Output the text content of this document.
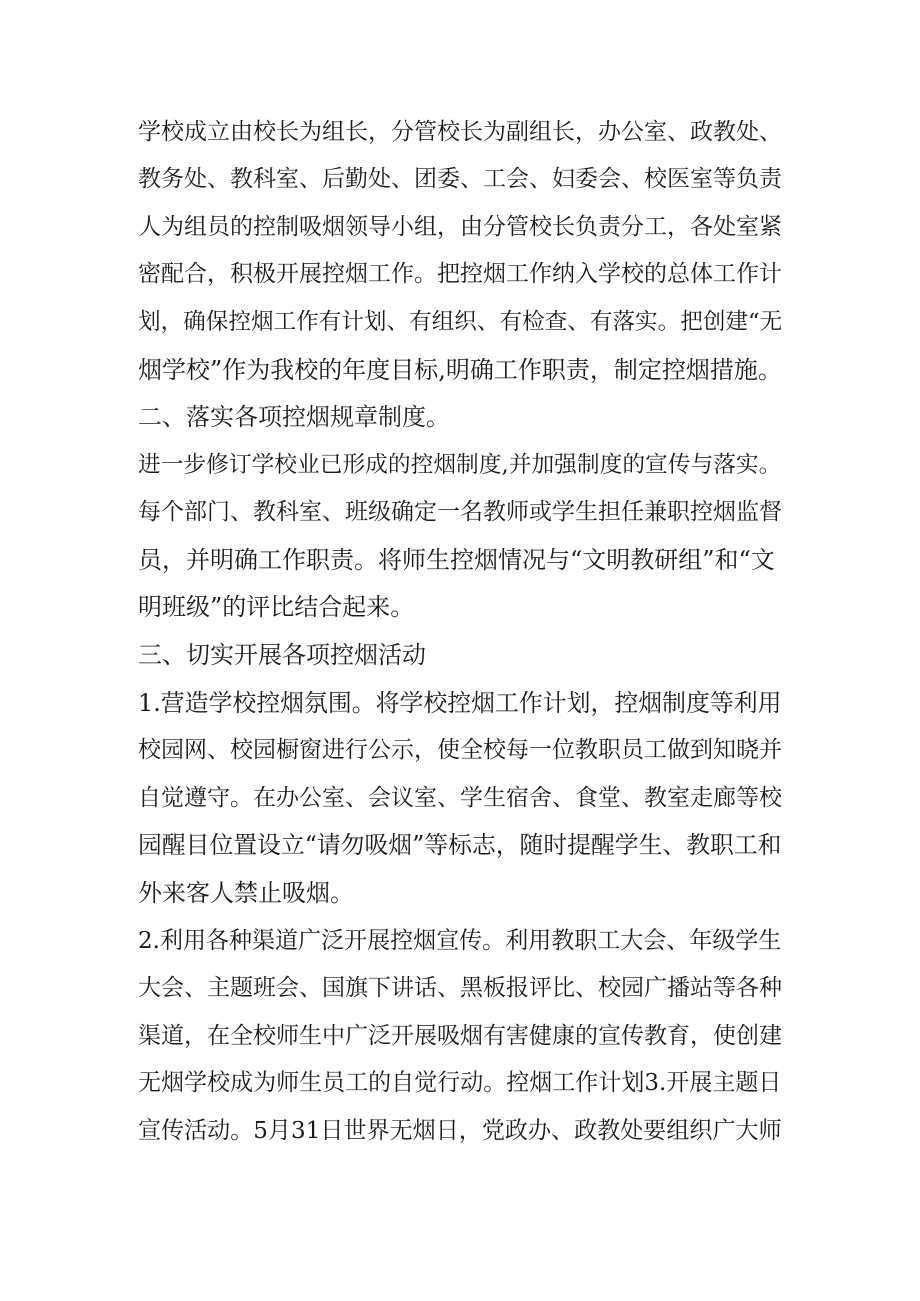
学校成立由校长为组长，分管校长为副组长，办公室、政教处、

教务处、教科室、后勤处、团委、工会、妇委会、校医室等负责

人为组员的控制吸烟领导小组，由分管校长负责分工，各处室紧

密配合，积极开展控烟工作。把控烟工作纳入学校的总体工作计

划，确保控烟工作有计划、有组织、有检查、有落实。把创建“无

烟学校”作为我校的年度目标,明确工作职责，制定控烟措施。

二、落实各项控烟规章制度。

进一步修订学校业已形成的控烟制度,并加强制度的宣传与落实。

每个部门、教科室、班级确定一名教师或学生担任兼职控烟监督

员，并明确工作职责。将师生控烟情况与“文明教研组”和“文

明班级”的评比结合起来。

三、切实开展各项控烟活动

1.营造学校控烟氛围。将学校控烟工作计划，控烟制度等利用

校园网、校园橱窗进行公示，使全校每一位教职员工做到知晓并

自觉遵守。在办公室、会议室、学生宿舍、食堂、教室走廊等校

园醒目位置设立“请勿吸烟”等标志，随时提醒学生、教职工和

外来客人禁止吸烟。

2.利用各种渠道广泛开展控烟宣传。利用教职工大会、年级学生

大会、主题班会、国旗下讲话、黑板报评比、校园广播站等各种

渠道，在全校师生中广泛开展吸烟有害健康的宣传教育，使创建

无烟学校成为师生员工的自觉行动。控烟工作计划3.开展主题日

宣传活动。5月31日世界无烟日，党政办、政教处要组织广大师
